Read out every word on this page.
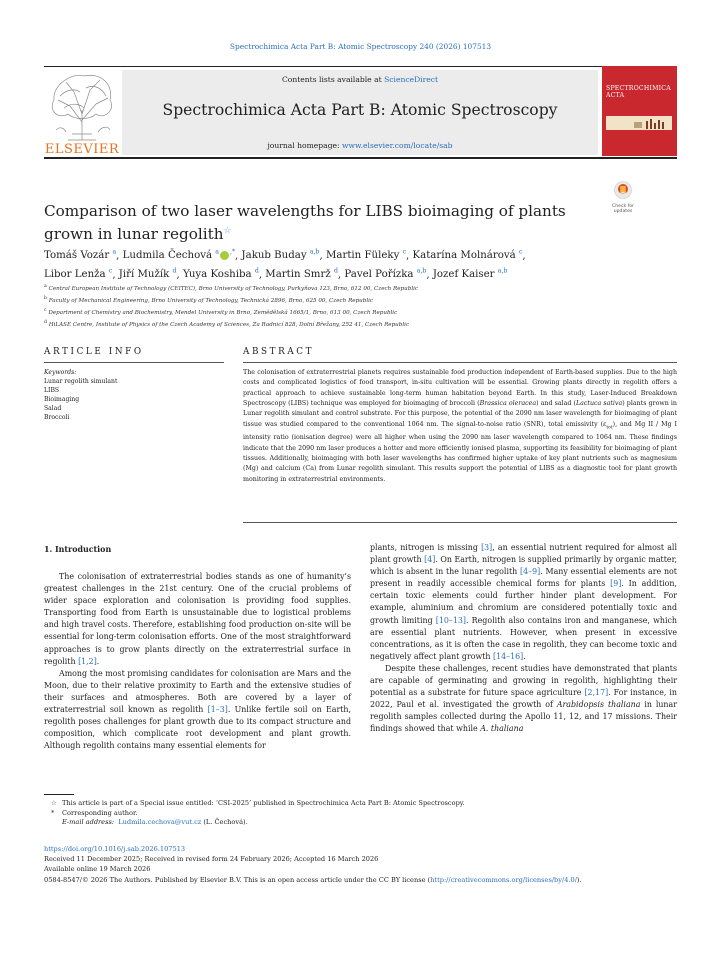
Spectrochimica Acta Part B: Atomic Spectroscopy 240 (2026) 107513
ELSEVIER
Contents lists available at ScienceDirect
Spectrochimica Acta Part B: Atomic Spectroscopy
journal homepage: www.elsevier.com/locate/sab
SPECTROCHIMICA ACTA
Check for
updates
Comparison of two laser wavelengths for LIBS bioimaging of plants grown in lunar regolith☆
Tomáš Vozár $^a$, Ludmila Čechová $^a$ ,*, Jakub Buday $^{a,b}$, Martin Füleky $^c$, Katarína Molnárová $^c$,
Libor Lenža $^c$, Jiří Mužík $^d$, Yuya Koshiba $^d$, Martin Smrž $^d$, Pavel Pořízka $^{a,b}$, Jozef Kaiser $^{a,b}$
$^a$ Central European Institute of Technology (CEITEC), Brno University of Technology, Purkyňova 123, Brno, 612 00, Czech Republic
$^b$ Faculty of Mechanical Engineering, Brno University of Technology, Technická 2896, Brno, 625 00, Czech Republic
$^c$ Department of Chemistry and Biochemistry, Mendel University in Brno, Zemědělská 1665/1, Brno, 613 00, Czech Republic
$^d$ HiLASE Centre, Institute of Physics of the Czech Academy of Sciences, Za Radnicí 828, Dolní Břežany, 252 41, Czech Republic
ARTICLE INFO	ABSTRACT
Keywords:
Lunar regolith simulant
LIBS
Bioimaging
Salad
Broccoli
The colonisation of extraterrestrial planets requires sustainable food production independent of Earth-based supplies. Due to the high costs and complicated logistics of food transport, in-situ cultivation will be essential. Growing plants directly in regolith offers a practical approach to achieve sustainable long-term human habitation beyond Earth. In this study, Laser-Induced Breakdown Spectroscopy (LIBS) technique was employed for bioimaging of broccoli (Brassica oleracea) and salad (Lactuca sativa) plants grown in Lunar regolith simulant and control substrate. For this purpose, the potential of the 2090 nm laser wavelength for bioimaging of plant tissue was studied compared to the conventional 1064 nm. The signal-to-noise ratio (SNR), total emissivity $(\varepsilon_{tot})$, and Mg II / Mg I intensity ratio (ionisation degree) were all higher when using the 2090 nm laser wavelength compared to 1064 nm. These findings indicate that the 2090 nm laser produces a hotter and more efficiently ionised plasma, supporting its feasibility for bioimaging of plant tissues. Additionally, bioimaging with both laser wavelengths has confirmed higher uptake of key plant nutrients such as magnesium (Mg) and calcium (Ca) from Lunar regolith simulant. This results support the potential of LIBS as a diagnostic tool for plant growth monitoring in extraterrestrial environments.
1. Introduction

The colonisation of extraterrestrial bodies stands as one of humanity’s greatest challenges in the 21st century. One of the crucial problems of wider space exploration and colonisation is providing food supplies. Transporting food from Earth is unsustainable due to logistical problems and high travel costs. Therefore, establishing food production on-site will be essential for long-term colonisation efforts. One of the most straightforward approaches is to grow plants directly on the extraterrestrial surface in regolith [1,2].

Among the most promising candidates for colonisation are Mars and the Moon, due to their relative proximity to Earth and the extensive studies of their surfaces and atmospheres. Both are covered by a layer of extraterrestrial soil known as regolith [1–3]. Unlike fertile soil on Earth, regolith poses challenges for plant growth due to its compact structure and composition, which complicate root development and plant growth. Although regolith contains many essential elements for

plants, nitrogen is missing [3], an essential nutrient required for almost all plant growth [4]. On Earth, nitrogen is supplied primarily by organic matter, which is absent in the lunar regolith [4–9]. Many essential elements are not present in readily accessible chemical forms for plants [9]. In addition, certain toxic elements could further hinder plant development. For example, aluminium and chromium are considered potentially toxic and growth limiting [10–13]. Regolith also contains iron and manganese, which are essential plant nutrients. However, when present in excessive concentrations, as it is often the case in regolith, they can become toxic and negatively affect plant growth [14–16].

Despite these challenges, recent studies have demonstrated that plants are capable of germinating and growing in regolith, highlighting their potential as a substrate for future space agriculture [2,17]. For instance, in 2022, Paul et al. investigated the growth of Arabidopsis thaliana in lunar regolith samples collected during the Apollo 11, 12, and 17 missions. Their findings showed that while A. thaliana

☆ This article is part of a Special issue entitled: ‘CSI-2025’ published in Spectrochimica Acta Part B: Atomic Spectroscopy.
* Corresponding author.
E-mail address: Ludmila.cechova@vut.cz (L. Čechová).
https://doi.org/10.1016/j.sab.2026.107513
Received 11 December 2025; Received in revised form 24 February 2026; Accepted 16 March 2026
Available online 19 March 2026
0584-8547/© 2026 The Authors. Published by Elsevier B.V. This is an open access article under the CC BY license (http://creativecommons.org/licenses/by/4.0/).
